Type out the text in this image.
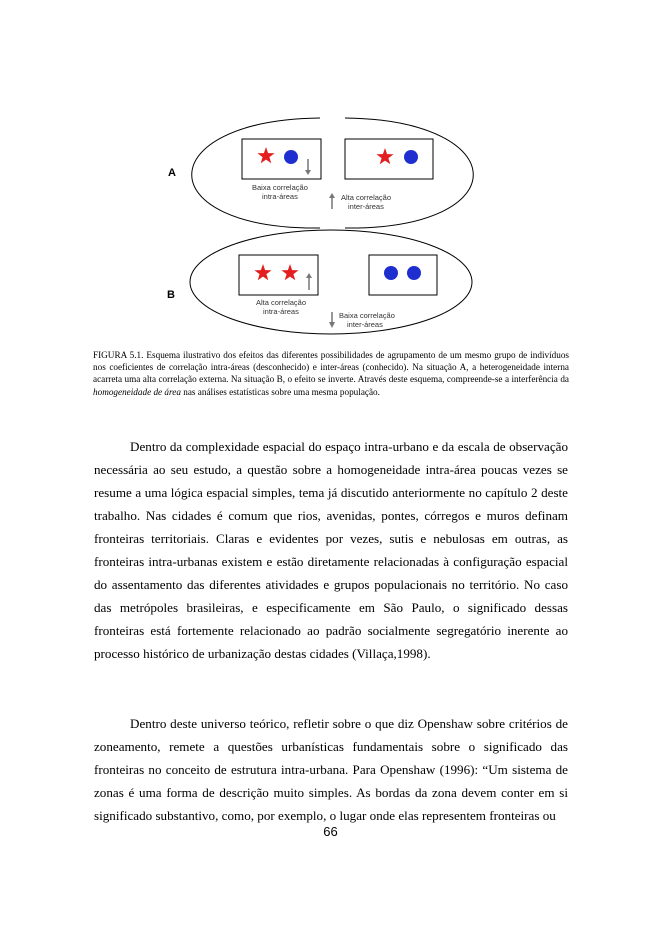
A
Baixa correlação intra-áreas	Alta correlação inter-áreas
B
Alta correlação intra-áreas	Baixa correlação inter-áreas
FIGURA 5.1. Esquema ilustrativo dos efeitos das diferentes possibilidades de agrupamento de um mesmo grupo de indivíduos nos coeficientes de correlação intra-áreas (desconhecido) e inter-áreas (conhecido). Na situação A, a heterogeneidade interna acarreta uma alta correlação externa. Na situação B, o efeito se inverte. Através deste esquema, compreende-se a interferência da homogeneidade de área nas análises estatísticas sobre uma mesma população.

Dentro da complexidade espacial do espaço intra-urbano e da escala de observação necessária ao seu estudo, a questão sobre a homogeneidade intra-área poucas vezes se resume a uma lógica espacial simples, tema já discutido anteriormente no capítulo 2 deste trabalho. Nas cidades é comum que rios, avenidas, pontes, córregos e muros definam fronteiras territoriais. Claras e evidentes por vezes, sutis e nebulosas em outras, as fronteiras intra-urbanas existem e estão diretamente relacionadas à configuração espacial do assentamento das diferentes atividades e grupos populacionais no território. No caso das metrópoles brasileiras, e especificamente em São Paulo, o significado dessas fronteiras está fortemente relacionado ao padrão socialmente segregatório inerente ao processo histórico de urbanização destas cidades (Villaça,1998).

Dentro deste universo teórico, refletir sobre o que diz Openshaw sobre critérios de zoneamento, remete a questões urbanísticas fundamentais sobre o significado das fronteiras no conceito de estrutura intra-urbana. Para Openshaw (1996): “Um sistema de zonas é uma forma de descrição muito simples. As bordas da zona devem conter em si significado substantivo, como, por exemplo, o lugar onde elas representem fronteiras ou

66
